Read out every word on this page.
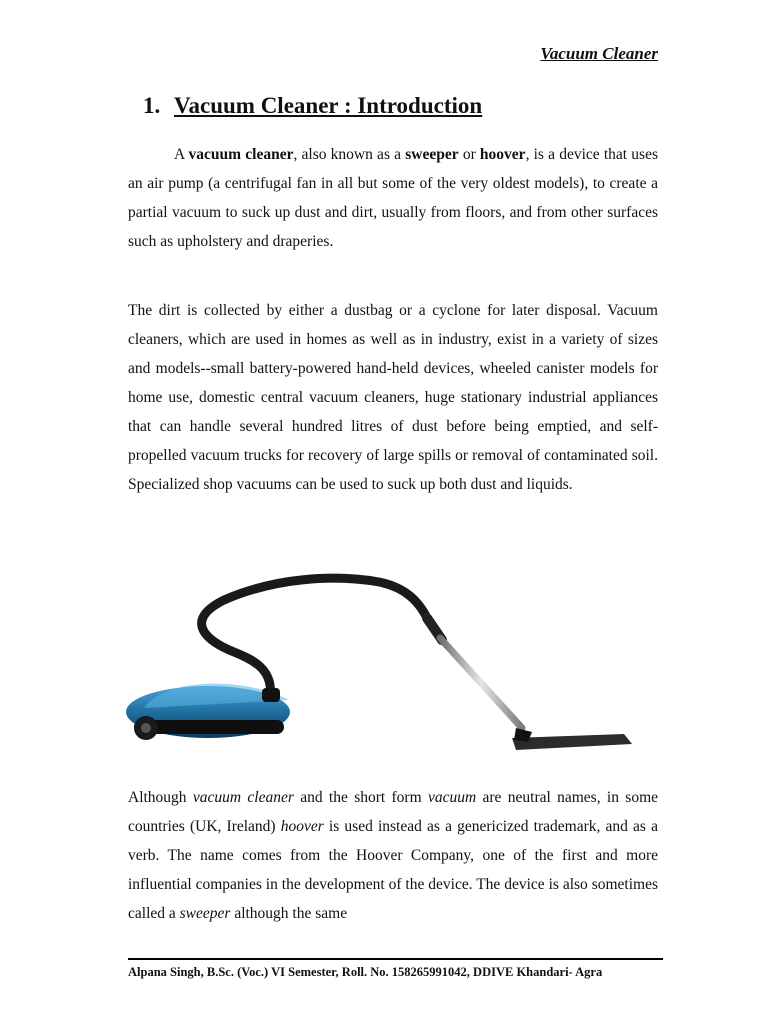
Vacuum Cleaner
1. Vacuum Cleaner : Introduction
A vacuum cleaner, also known as a sweeper or hoover, is a device that uses an air pump (a centrifugal fan in all but some of the very oldest models), to create a partial vacuum to suck up dust and dirt, usually from floors, and from other surfaces such as upholstery and draperies.
The dirt is collected by either a dustbag or a cyclone for later disposal. Vacuum cleaners, which are used in homes as well as in industry, exist in a variety of sizes and models--small battery-powered hand-held devices, wheeled canister models for home use, domestic central vacuum cleaners, huge stationary industrial appliances that can handle several hundred litres of dust before being emptied, and self-propelled vacuum trucks for recovery of large spills or removal of contaminated soil. Specialized shop vacuums can be used to suck up both dust and liquids.
Although vacuum cleaner and the short form vacuum are neutral names, in some countries (UK, Ireland) hoover is used instead as a genericized trademark, and as a verb. The name comes from the Hoover Company, one of the first and more influential companies in the development of the device. The device is also sometimes called a sweeper although the same
Alpana Singh, B.Sc. (Voc.) VI Semester, Roll. No. 158265991042, DDIVE Khandari- Agra
